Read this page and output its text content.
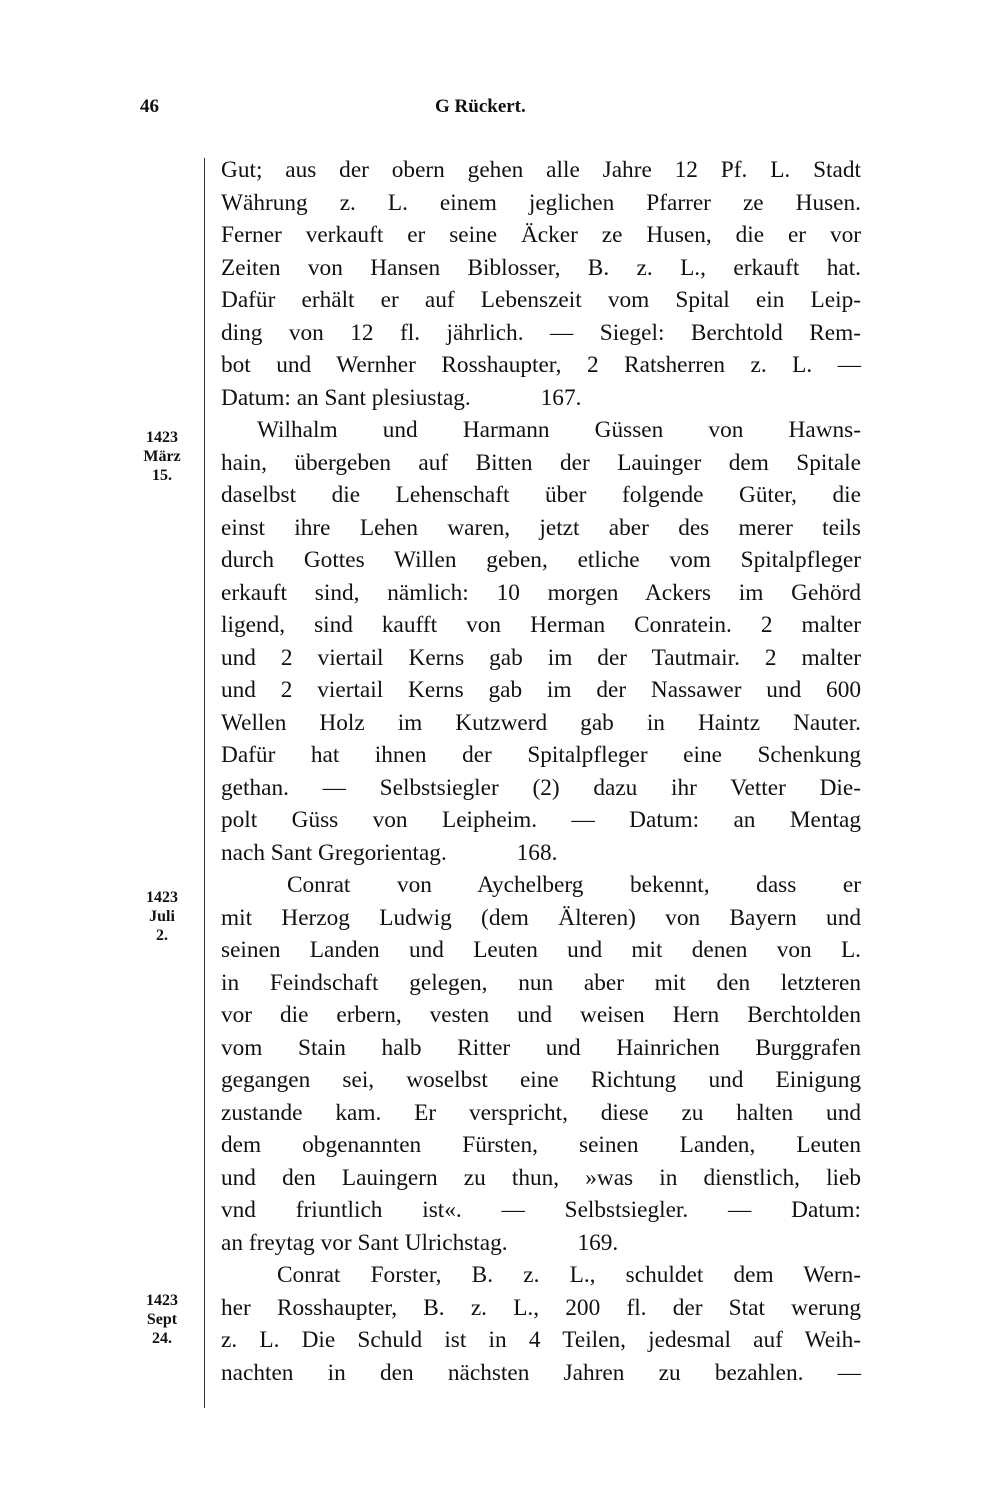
46	G Rückert.
1423
März
15.
1423
Juli
2.
1423
Sept
24.

Gut; aus der obern gehen alle Jahre 12 Pf. L. Stadt

Währung z. L. einem jeglichen Pfarrer ze Husen.

Ferner verkauft er seine Äcker ze Husen, die er vor

Zeiten von Hansen Biblosser, B. z. L., erkauft hat.

Dafür erhält er auf Lebenszeit vom Spital ein Leip-

ding von 12 fl. jährlich. — Siegel: Berchtold Rem-

bot und Wernher Rosshaupter, 2 Ratsherren z. L. —

Datum: an Sant plesiustag.            167.

Wilhalm und Harmann Güssen von Hawns-

hain, übergeben auf Bitten der Lauinger dem Spitale

daselbst die Lehenschaft über folgende Güter, die

einst ihre Lehen waren, jetzt aber des merer teils

durch Gottes Willen geben, etliche vom Spitalpfleger

erkauft sind, nämlich: 10 morgen Ackers im Gehörd

ligend, sind kaufft von Herman Conratein. 2 malter

und 2 viertail Kerns gab im der Tautmair. 2 malter

und 2 viertail Kerns gab im der Nassawer und 600

Wellen Holz im Kutzwerd gab in Haintz Nauter.

Dafür hat ihnen der Spitalpfleger eine Schenkung

gethan. — Selbstsiegler (2) dazu ihr Vetter Die-

polt Güss von Leipheim. — Datum: an Mentag

nach Sant Gregorientag.            168.

Conrat von Aychelberg bekennt, dass er

mit Herzog Ludwig (dem Älteren) von Bayern und

seinen Landen und Leuten und mit denen von L.

in Feindschaft gelegen, nun aber mit den letzteren

vor die erbern, vesten und weisen Hern Berchtolden

vom Stain halb Ritter und Hainrichen Burggrafen

gegangen sei, woselbst eine Richtung und Einigung

zustande kam. Er verspricht, diese zu halten und

dem obgenannten Fürsten, seinen Landen, Leuten

und den Lauingern zu thun, »was in dienstlich, lieb

vnd friuntlich ist«. — Selbstsiegler. — Datum:

an freytag vor Sant Ulrichstag.            169.

Conrat Forster, B. z. L., schuldet dem Wern-

her Rosshaupter, B. z. L., 200 fl. der Stat werung

z. L. Die Schuld ist in 4 Teilen, jedesmal auf Weih-

nachten in den nächsten Jahren zu bezahlen. —
